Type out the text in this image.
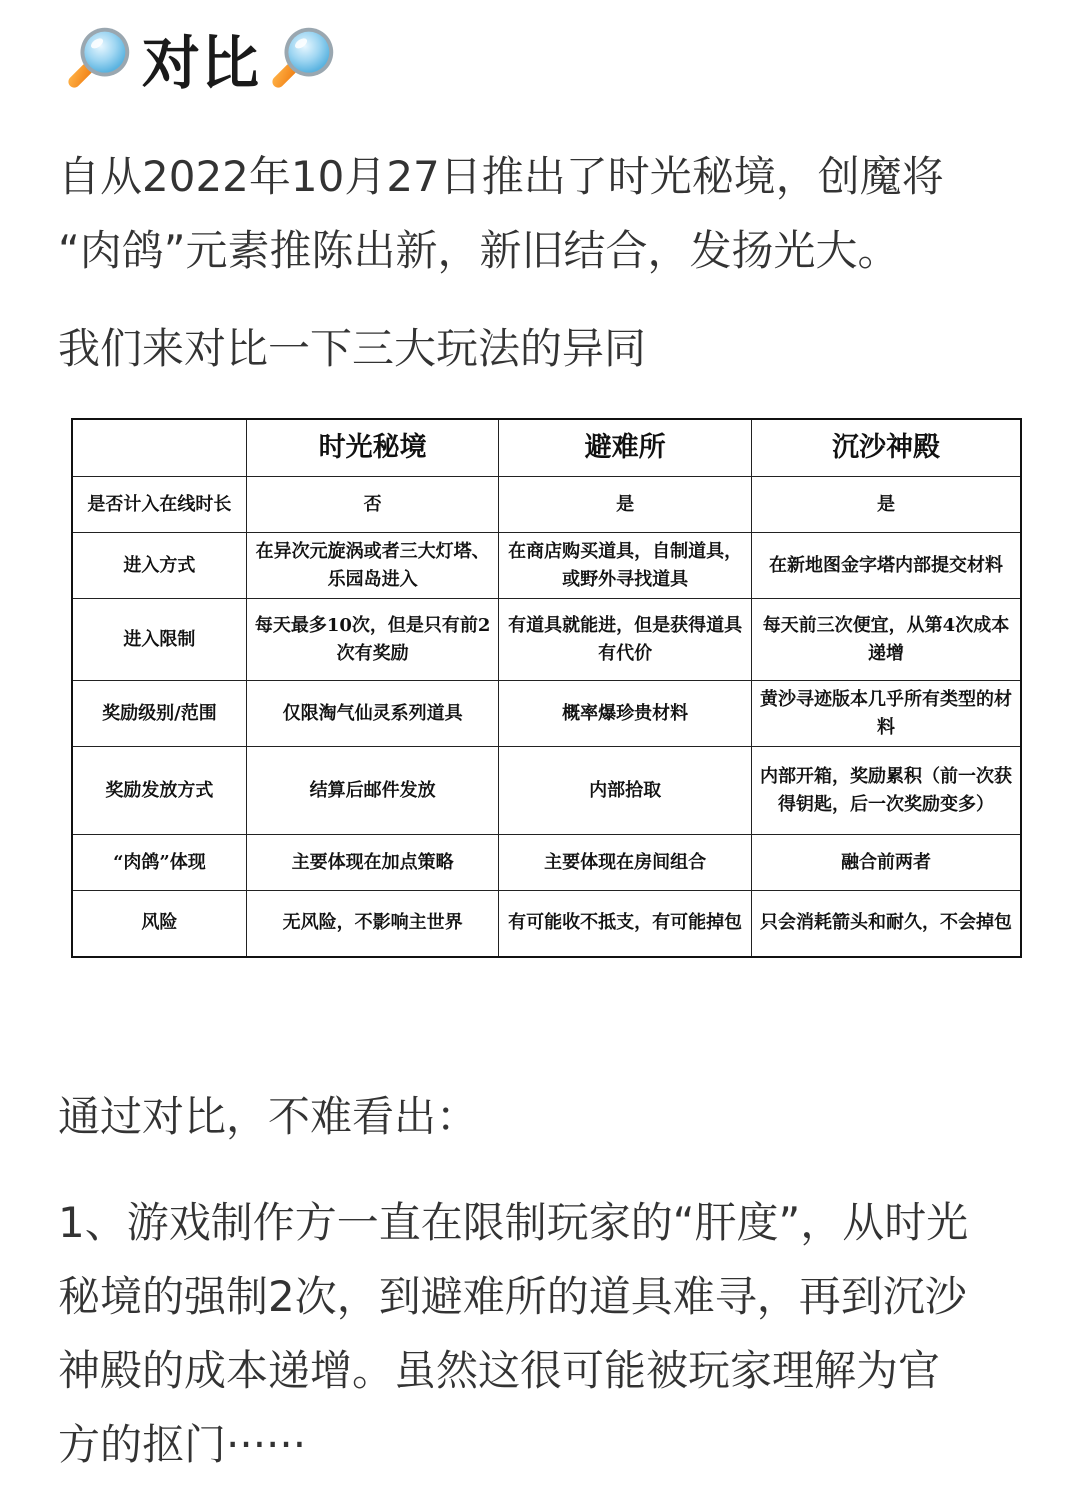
对比
自从2022年10月27日推出了时光秘境，创魔将
“肉鸽”元素推陈出新，新旧结合，发扬光大。
我们来对比一下三大玩法的异同
	时光秘境	避难所	沉沙神殿
是否计入在线时长	否	是	是
进入方式	在异次元旋涡或者三大灯塔、乐园岛进入	在商店购买道具，自制道具，或野外寻找道具	在新地图金字塔内部提交材料
进入限制	每天最多10次，但是只有前2次有奖励	有道具就能进，但是获得道具有代价	每天前三次便宜，从第4次成本递增
奖励级别/范围	仅限淘气仙灵系列道具	概率爆珍贵材料	黄沙寻迹版本几乎所有类型的材料
奖励发放方式	结算后邮件发放	内部拾取	内部开箱，奖励累积（前一次获得钥匙，后一次奖励变多）
“肉鸽”体现	主要体现在加点策略	主要体现在房间组合	融合前两者
风险	无风险，不影响主世界	有可能收不抵支，有可能掉包	只会消耗箭头和耐久，不会掉包
通过对比，不难看出：
1、游戏制作方一直在限制玩家的“肝度”，从时光
秘境的强制2次，到避难所的道具难寻，再到沉沙
神殿的成本递增。虽然这很可能被玩家理解为官
方的抠门······
